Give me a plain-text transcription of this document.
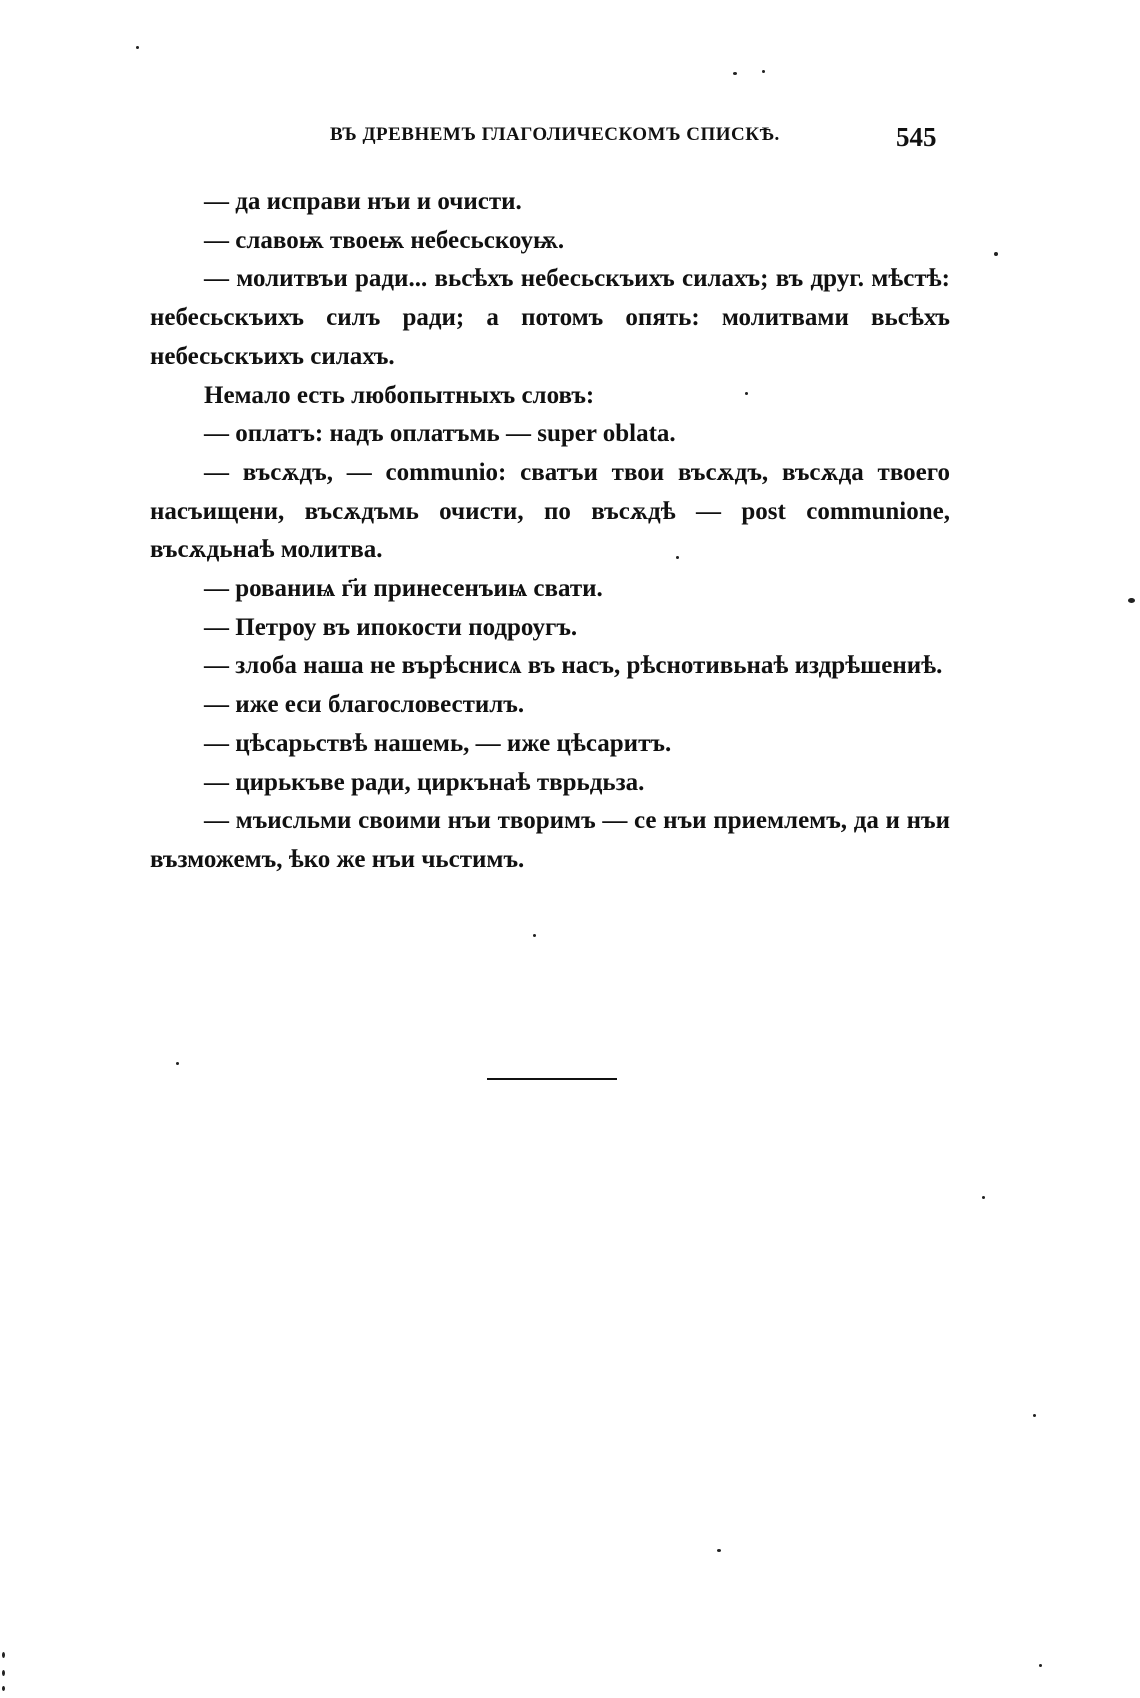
ВЪ ДРЕВНЕМЪ ГЛАГОЛИЧЕСКОМЪ СПИСКѢ.	545

— да исправи нъи и очисти.

— славоѭ твоеѭ небесьскоуѭ.

— молитвъи ради... вьсѣхъ небесьскъихъ силахъ; въ друг. мѣстѣ: небесьскъихъ силъ ради; а потомъ опять: молитвами вьсѣхъ небесьскъихъ силахъ.

Немало есть любопытныхъ словъ:

— оплатъ: надъ оплатъмь — super oblata.

— въсѫдъ, — communio: сватъи твои въсѫдъ, въсѫда твоего насъищени, въсѫдъмь очисти, по въсѫдѣ — post communione, въсѫдьнаѣ молитва.

— рованиѩ г҃и принесенъиѩ свати.

— Петроу въ ипокости подроугъ.

— злоба наша не върѣснисѧ въ насъ, рѣснотивьнаѣ издрѣшениѣ.

— иже еси благословестилъ.

— цѣсарьствѣ нашемь, — иже цѣсаритъ.

— цирькъве ради, циркънаѣ тврьдьза.

— мъисльми своими нъи творимъ — се нъи приемлемъ, да и нъи възможемъ, ѣко же нъи чьстимъ.
